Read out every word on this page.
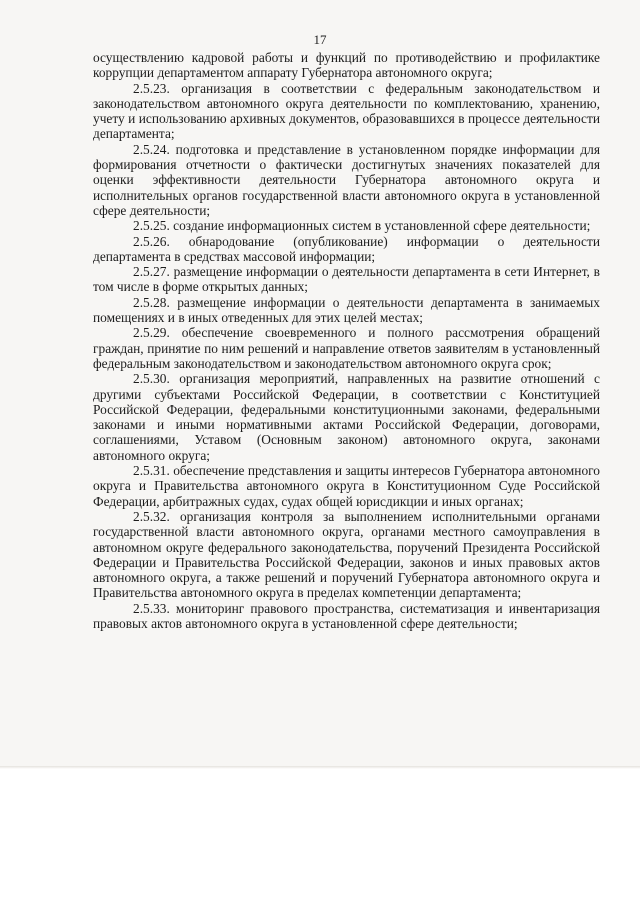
17

осуществлению кадровой работы и функций по противодействию и профилактике коррупции департаментом аппарату Губернатора автономного округа;

2.5.23. организация в соответствии с федеральным законодательством и законодательством автономного округа деятельности по комплектованию, хранению, учету и использованию архивных документов, образовавшихся в процессе деятельности департамента;

2.5.24. подготовка и представление в установленном порядке информации для формирования отчетности о фактически достигнутых значениях показателей для оценки эффективности деятельности Губернатора автономного округа и исполнительных органов государственной власти автономного округа в установленной сфере деятельности;

2.5.25. создание информационных систем в установленной сфере деятельности;

2.5.26. обнародование (опубликование) информации о деятельности департамента в средствах массовой информации;

2.5.27. размещение информации о деятельности департамента в сети Интернет, в том числе в форме открытых данных;

2.5.28. размещение информации о деятельности департамента в занимаемых помещениях и в иных отведенных для этих целей местах;

2.5.29. обеспечение своевременного и полного рассмотрения обращений граждан, принятие по ним решений и направление ответов заявителям в установленный федеральным законодательством и законодательством автономного округа срок;

2.5.30. организация мероприятий, направленных на развитие отношений с другими субъектами Российской Федерации, в соответствии с Конституцией Российской Федерации, федеральными конституционными законами, федеральными законами и иными нормативными актами Российской Федерации, договорами, соглашениями, Уставом (Основным законом) автономного округа, законами автономного округа;

2.5.31. обеспечение представления и защиты интересов Губернатора автономного округа и Правительства автономного округа в Конституционном Суде Российской Федерации, арбитражных судах, судах общей юрисдикции и иных органах;

2.5.32. организация контроля за выполнением исполнительными органами государственной власти автономного округа, органами местного самоуправления в автономном округе федерального законодательства, поручений Президента Российской Федерации и Правительства Российской Федерации, законов и иных правовых актов автономного округа, а также решений и поручений Губернатора автономного округа и Правительства автономного округа в пределах компетенции департамента;

2.5.33. мониторинг правового пространства, систематизация и инвентаризация правовых актов автономного округа в установленной сфере деятельности;
